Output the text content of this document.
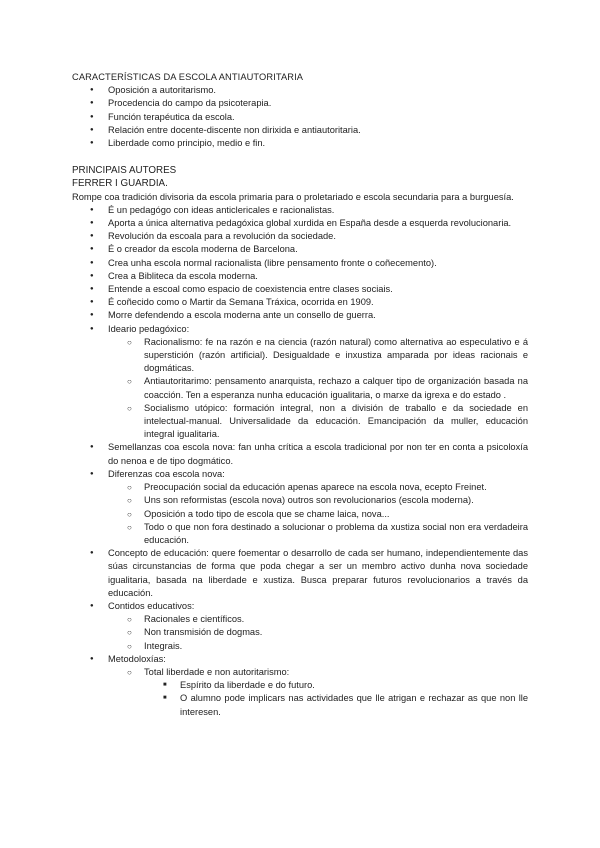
CARACTERÍSTICAS DA ESCOLA ANTIAUTORITARIA
● Oposición a autoritarismo.
● Procedencia do campo da psicoterapia.
● Función terapéutica da escola.
● Relación entre docente-discente non dirixida e antiautoritaria.
● Liberdade como principio, medio e fin.
PRINCIPAIS AUTORES
FERRER I GUARDIA.

Rompe coa tradición divisoria da escola primaria para o proletariado e escola secundaria para a burguesía.

● É un pedagógo con ideas anticlericales e racionalistas.
● Aporta a única alternativa pedagóxica global xurdida en España desde a esquerda revolucionaria.
● Revolución da escoala para a revolución da sociedade.
● É o creador da escola moderna de Barcelona.
● Crea unha escola normal racionalista (libre pensamento fronte o coñecemento).
● Crea a Bibliteca da escola moderna.
● Entende a escoal como espacio de coexistencia entre clases sociais.
● É coñecido como o Martir da Semana Tráxica, ocorrida en 1909.
● Morre defendendo a escola moderna ante un consello de guerra.
● Ideario pedagóxico:
○ Racionalismo: fe na razón e na ciencia (razón natural) como alternativa ao especulativo e á superstición (razón artificial). Desigualdade e inxustiza amparada por ideas racionais e dogmáticas.
○ Antiautoritarimo: pensamento anarquista, rechazo a calquer tipo de organización basada na coacción. Ten a esperanza nunha educación igualitaria, o marxe da igrexa e do estado .
○ Socialismo utópico: formación integral, non a división de traballo e da sociedade en intelectual-manual. Universalidade da educación. Emancipación da muller, educación integral igualitaria.
● Semellanzas coa escola nova: fan unha crítica a escola tradicional por non ter en conta a psicoloxía do nenoa e de tipo dogmático.
● Diferenzas coa escola nova:
○ Preocupación social da educación apenas aparece na escola nova, ecepto Freinet.
○ Uns son reformistas (escola nova) outros son revolucionarios (escola moderna).
○ Oposición a todo tipo de escola que se chame laica, nova...
○ Todo o que non fora destinado a solucionar o problema da xustiza social non era verdadeira educación.
● Concepto de educación: quere foementar o desarrollo de cada ser humano, independientemente das súas circunstancias de forma que poda chegar a ser un membro activo dunha nova sociedade igualitaria, basada na liberdade e xustiza. Busca preparar futuros revolucionarios a través da educación.
● Contidos educativos:
○ Racionales e científicos.
○ Non transmisión de dogmas.
○ Integrais.
● Metodoloxías:
○ Total liberdade e non autoritarismo:
■ Espírito da liberdade e do futuro.
■ O alumno pode implicars nas actividades que lle atrigan e rechazar as que non lle interesen.
